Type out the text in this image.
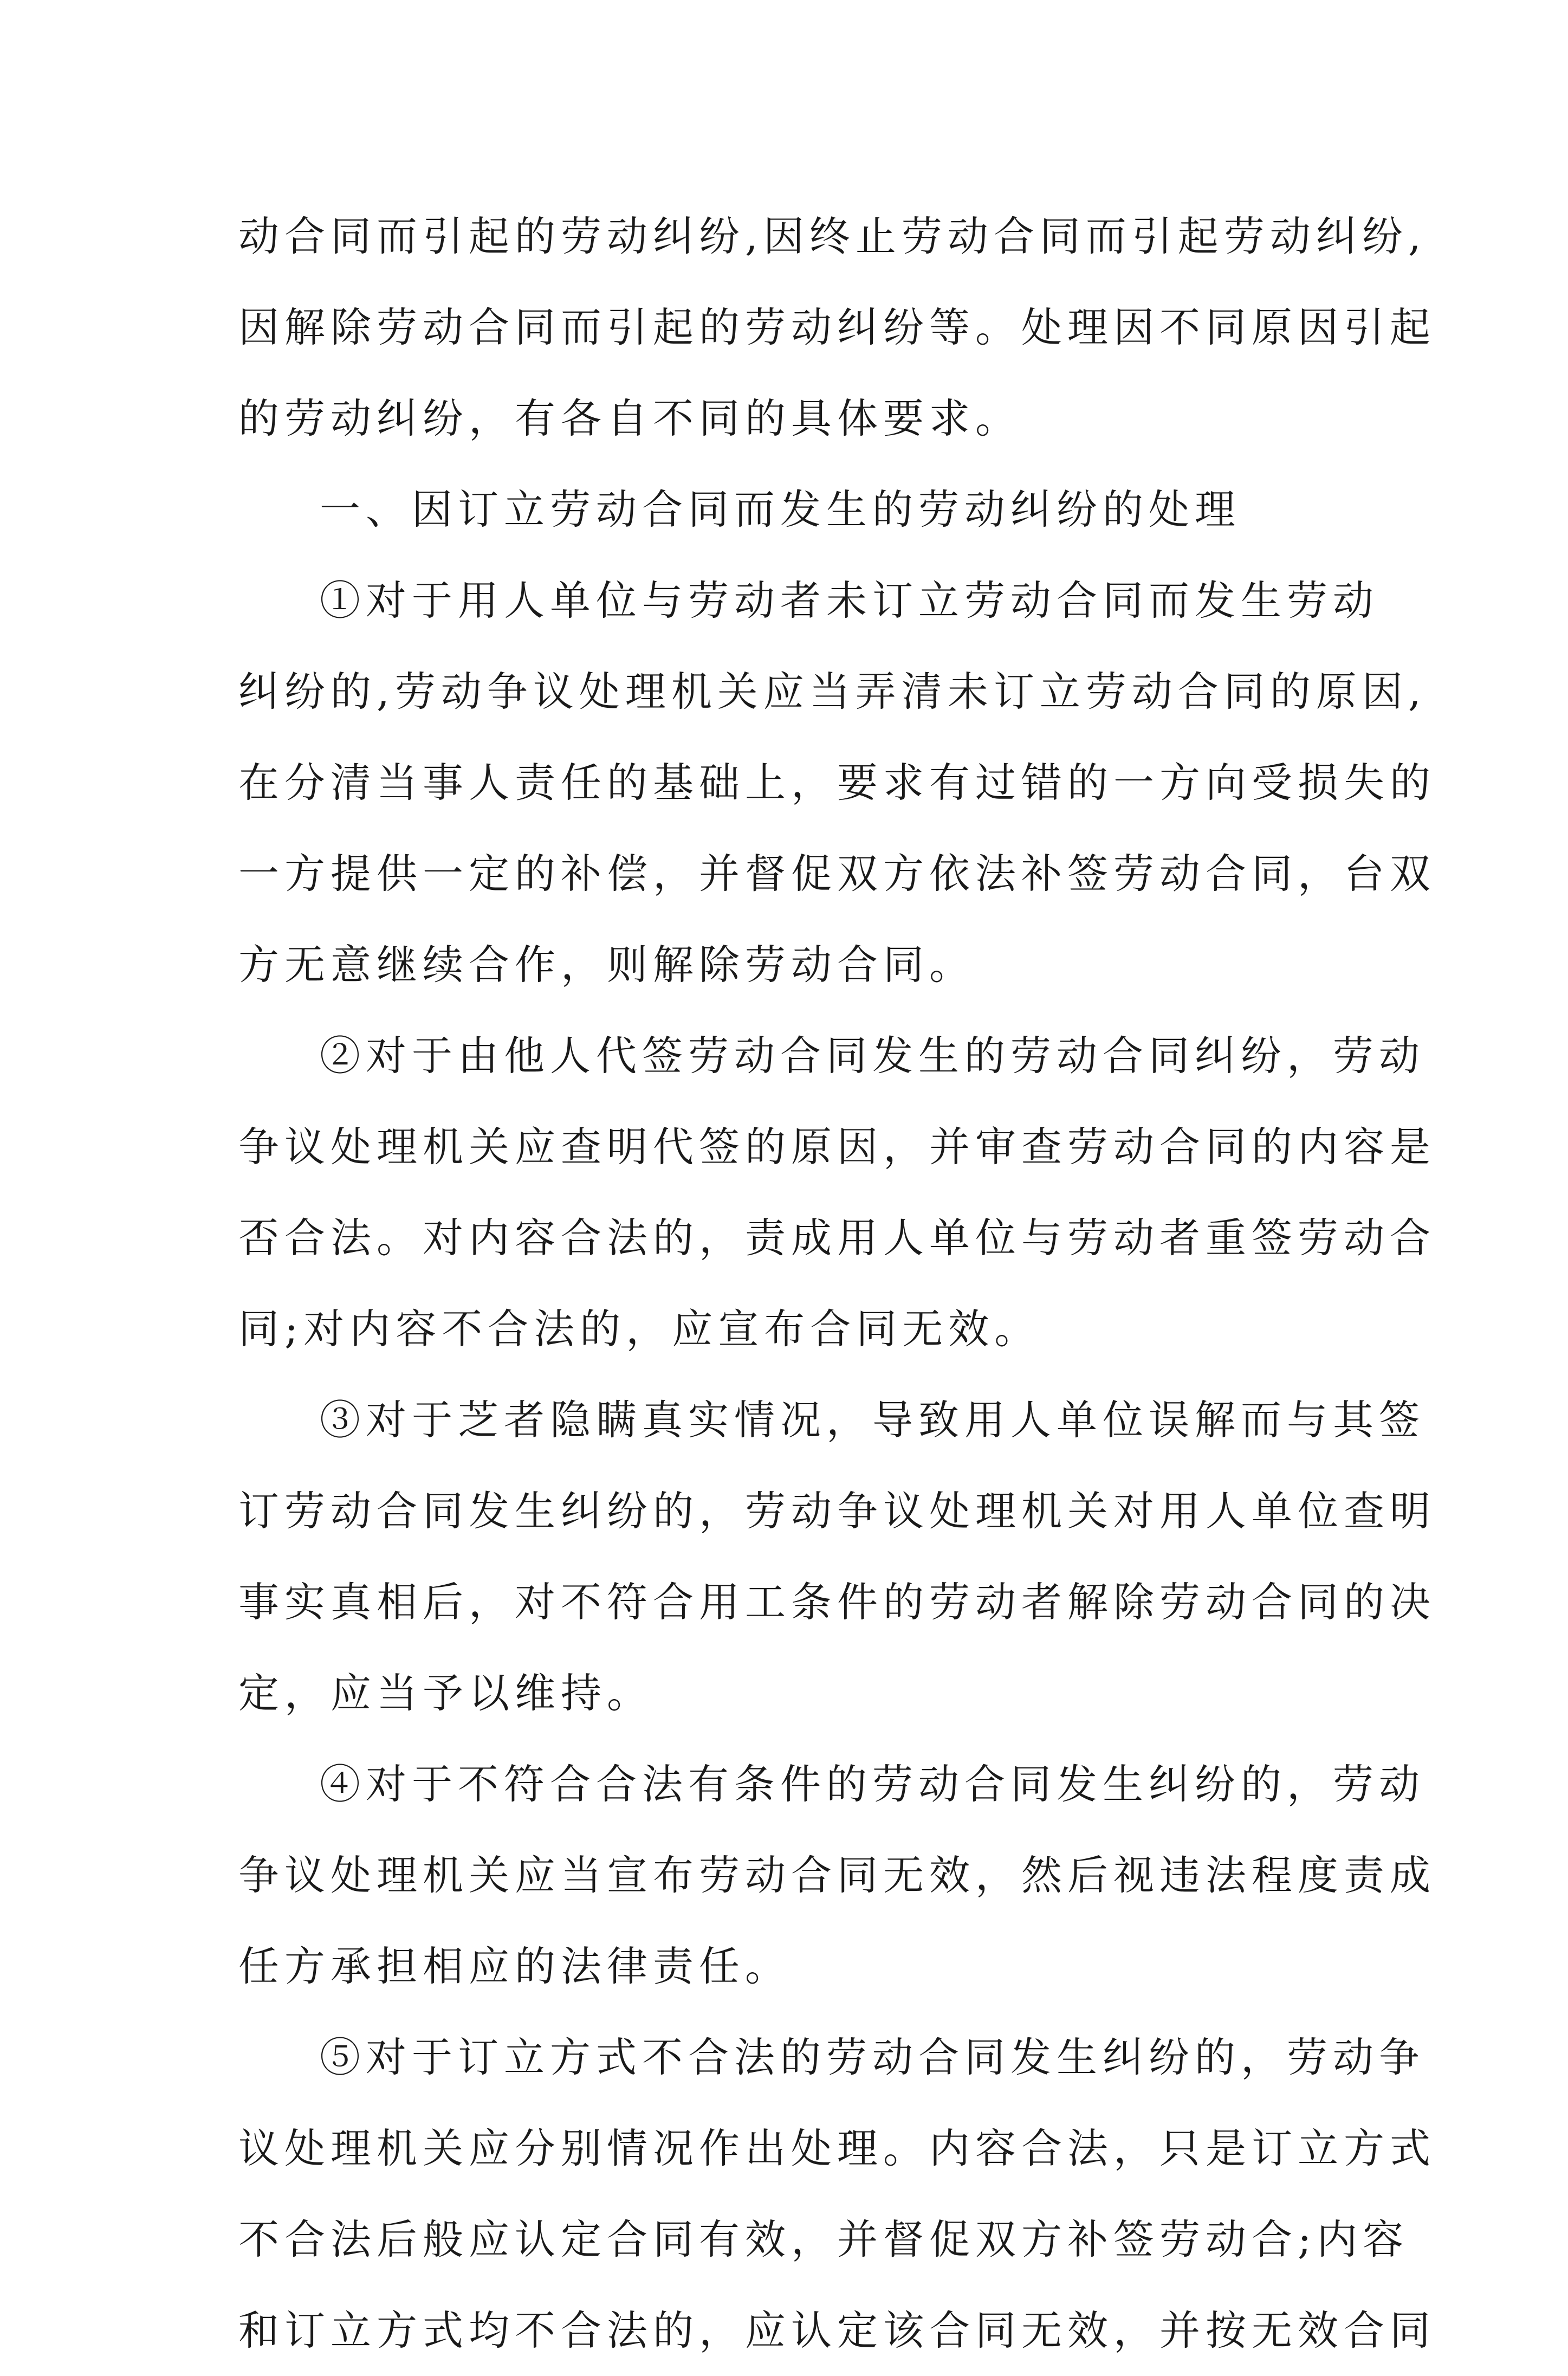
动合同而引起的劳动纠纷,因终止劳动合同而引起劳动纠纷,
因解除劳动合同而引起的劳动纠纷等。处理因不同原因引起
的劳动纠纷，有各自不同的具体要求。
一、因订立劳动合同而发生的劳动纠纷的处理
①对于用人单位与劳动者未订立劳动合同而发生劳动
纠纷的,劳动争议处理机关应当弄清未订立劳动合同的原因,
在分清当事人责任的基础上，要求有过错的一方向受损失的
一方提供一定的补偿，并督促双方依法补签劳动合同，台双
方无意继续合作，则解除劳动合同。
②对于由他人代签劳动合同发生的劳动合同纠纷，劳动
争议处理机关应查明代签的原因，并审查劳动合同的内容是
否合法。对内容合法的，责成用人单位与劳动者重签劳动合
同;对内容不合法的，应宣布合同无效。
③对于芝者隐瞒真实情况，导致用人单位误解而与其签
订劳动合同发生纠纷的，劳动争议处理机关对用人单位查明
事实真相后，对不符合用工条件的劳动者解除劳动合同的决
定，应当予以维持。
④对于不符合合法有条件的劳动合同发生纠纷的，劳动
争议处理机关应当宣布劳动合同无效，然后视违法程度责成
任方承担相应的法律责任。
⑤对于订立方式不合法的劳动合同发生纠纷的，劳动争
议处理机关应分别情况作出处理。内容合法，只是订立方式
不合法后般应认定合同有效，并督促双方补签劳动合;内容
和订立方式均不合法的，应认定该合同无效，并按无效合同
